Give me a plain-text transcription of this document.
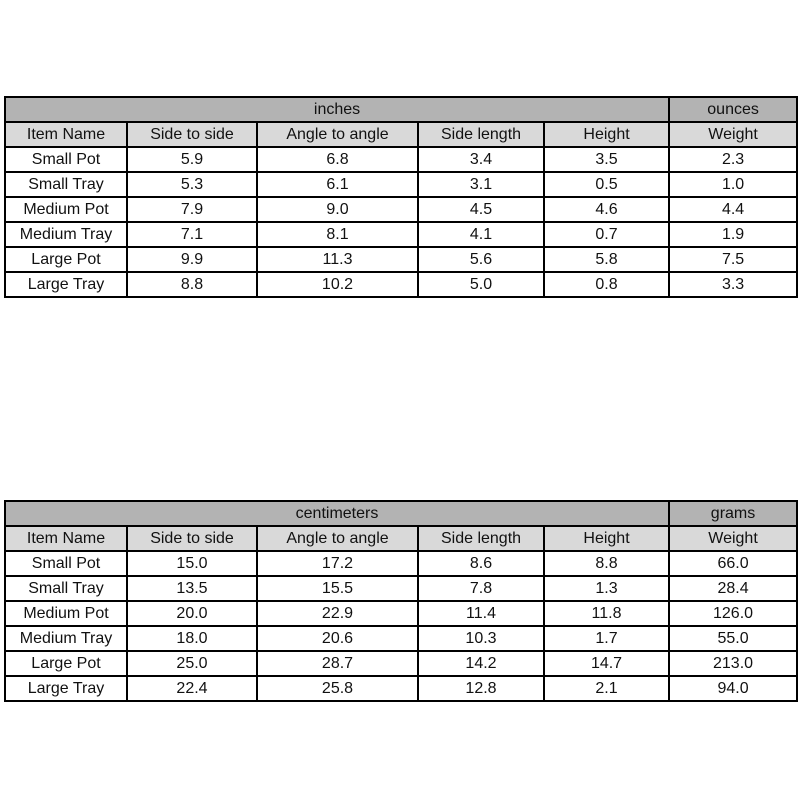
inches					ounces
Item Name	Side to side	Angle to angle	Side length	Height	Weight
Small Pot	5.9	6.8	3.4	3.5	2.3
Small Tray	5.3	6.1	3.1	0.5	1.0
Medium Pot	7.9	9.0	4.5	4.6	4.4
Medium Tray	7.1	8.1	4.1	0.7	1.9
Large Pot	9.9	11.3	5.6	5.8	7.5
Large Tray	8.8	10.2	5.0	0.8	3.3
centimeters					grams
Item Name	Side to side	Angle to angle	Side length	Height	Weight
Small Pot	15.0	17.2	8.6	8.8	66.0
Small Tray	13.5	15.5	7.8	1.3	28.4
Medium Pot	20.0	22.9	11.4	11.8	126.0
Medium Tray	18.0	20.6	10.3	1.7	55.0
Large Pot	25.0	28.7	14.2	14.7	213.0
Large Tray	22.4	25.8	12.8	2.1	94.0
